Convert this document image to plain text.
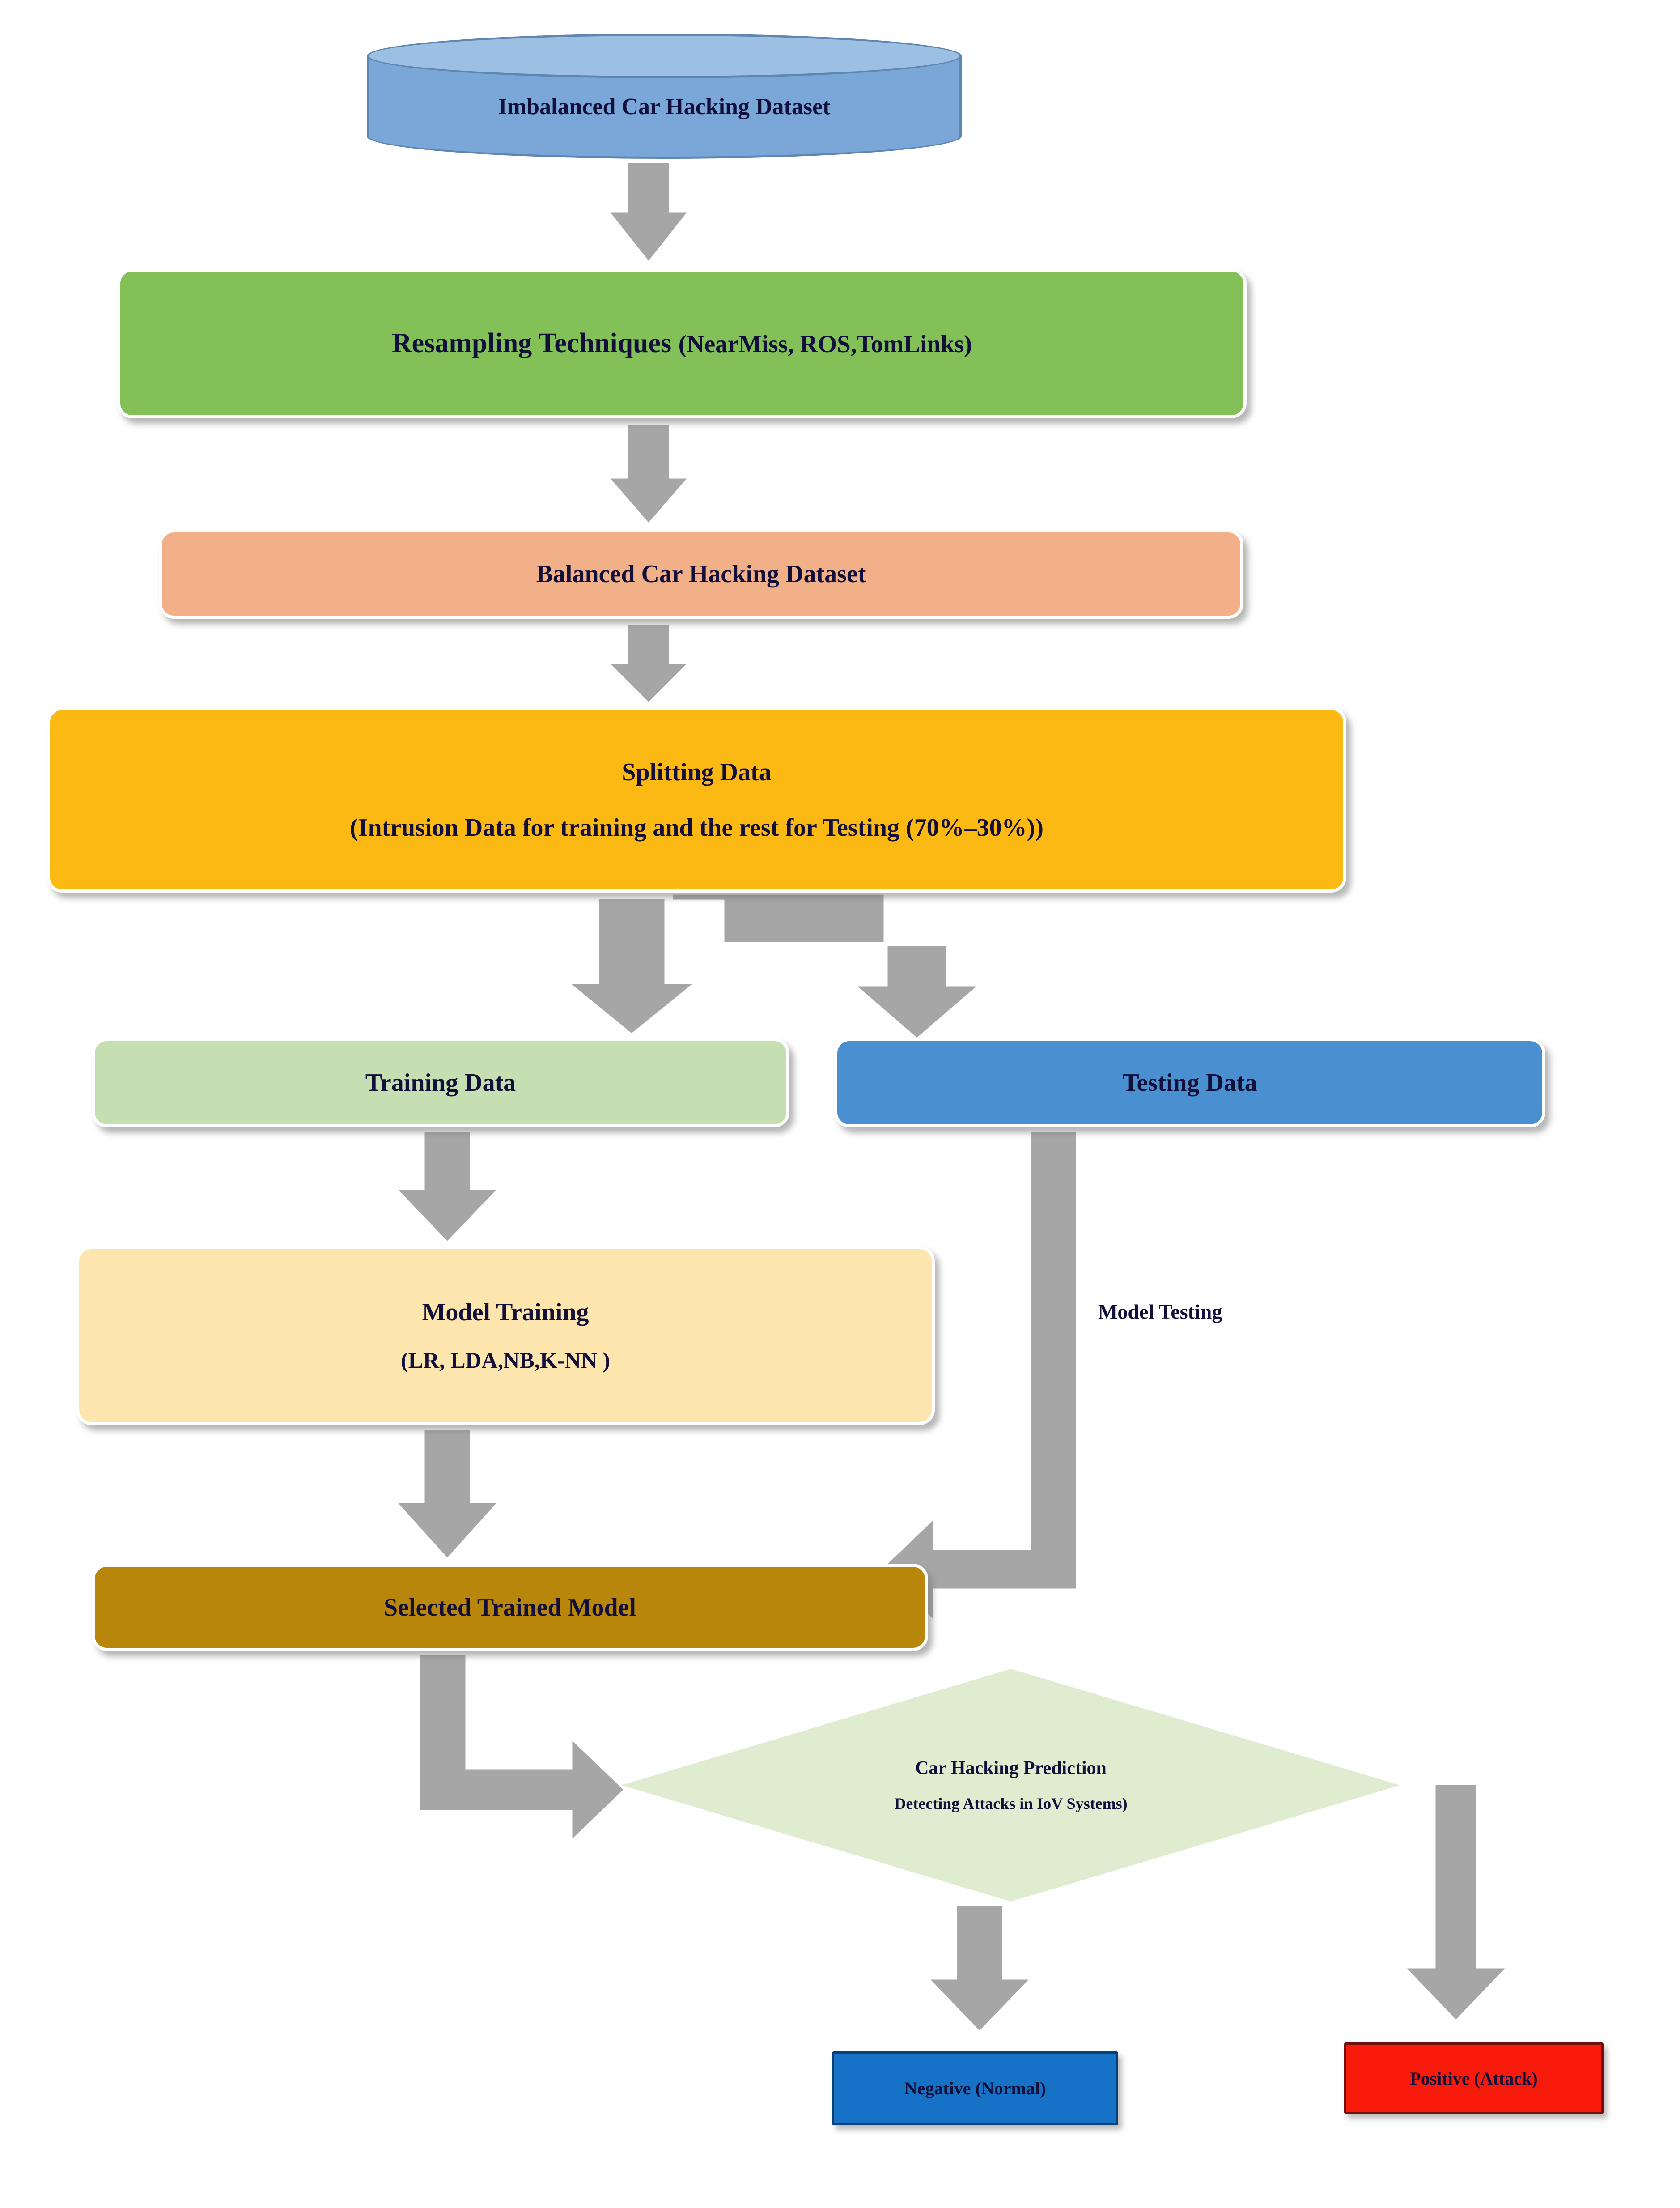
Imbalanced Car Hacking Dataset
Resampling Techniques (NearMiss, ROS,TomLinks)
Balanced Car Hacking Dataset
Splitting Data
(Intrusion Data for training and the rest for Testing (70%–30%))
Training Data	Testing Data
Model Training
(LR, LDA,NB,K-NN )
Selected Trained Model
Model Testing
Car Hacking Prediction
Detecting Attacks in IoV Systems)
Negative (Normal)	Positive (Attack)
